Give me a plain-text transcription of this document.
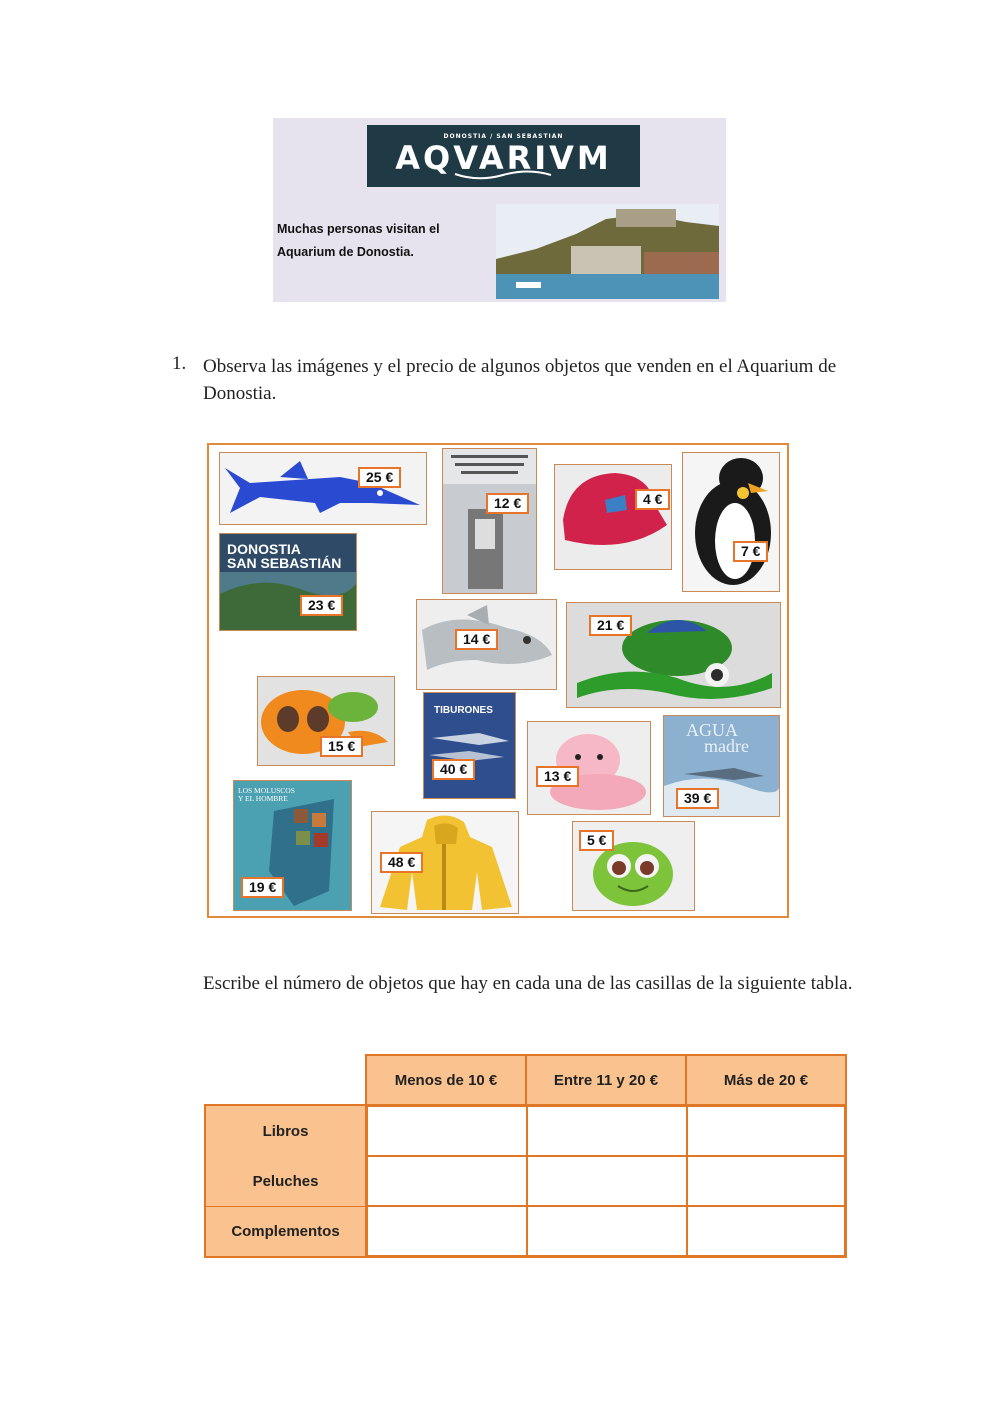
DONOSTIA / SAN SEBASTIAN
AQVARIVM
Muchas personas visitan el
Aquarium de Donostia.
1. Observa las imágenes y el precio de algunos objetos que venden en el Aquarium de Donostia.
25 €
12 €	4 €
7 €
DONOSTIA
SAN SEBASTIÁN
23 €
14 €
21 €
15 €
TIBURONES
40 €	13 €
AGUA
madre
39 €
LOS MOLUSCOS
Y EL HOMBRE
19 €
48 €
5 €
Escribe el número de objetos que hay en cada una de las casillas de la siguiente tabla.
Menos de 10 €	Entre 11 y 20 €	Más de 20 €
Libros
Peluches
Complementos
